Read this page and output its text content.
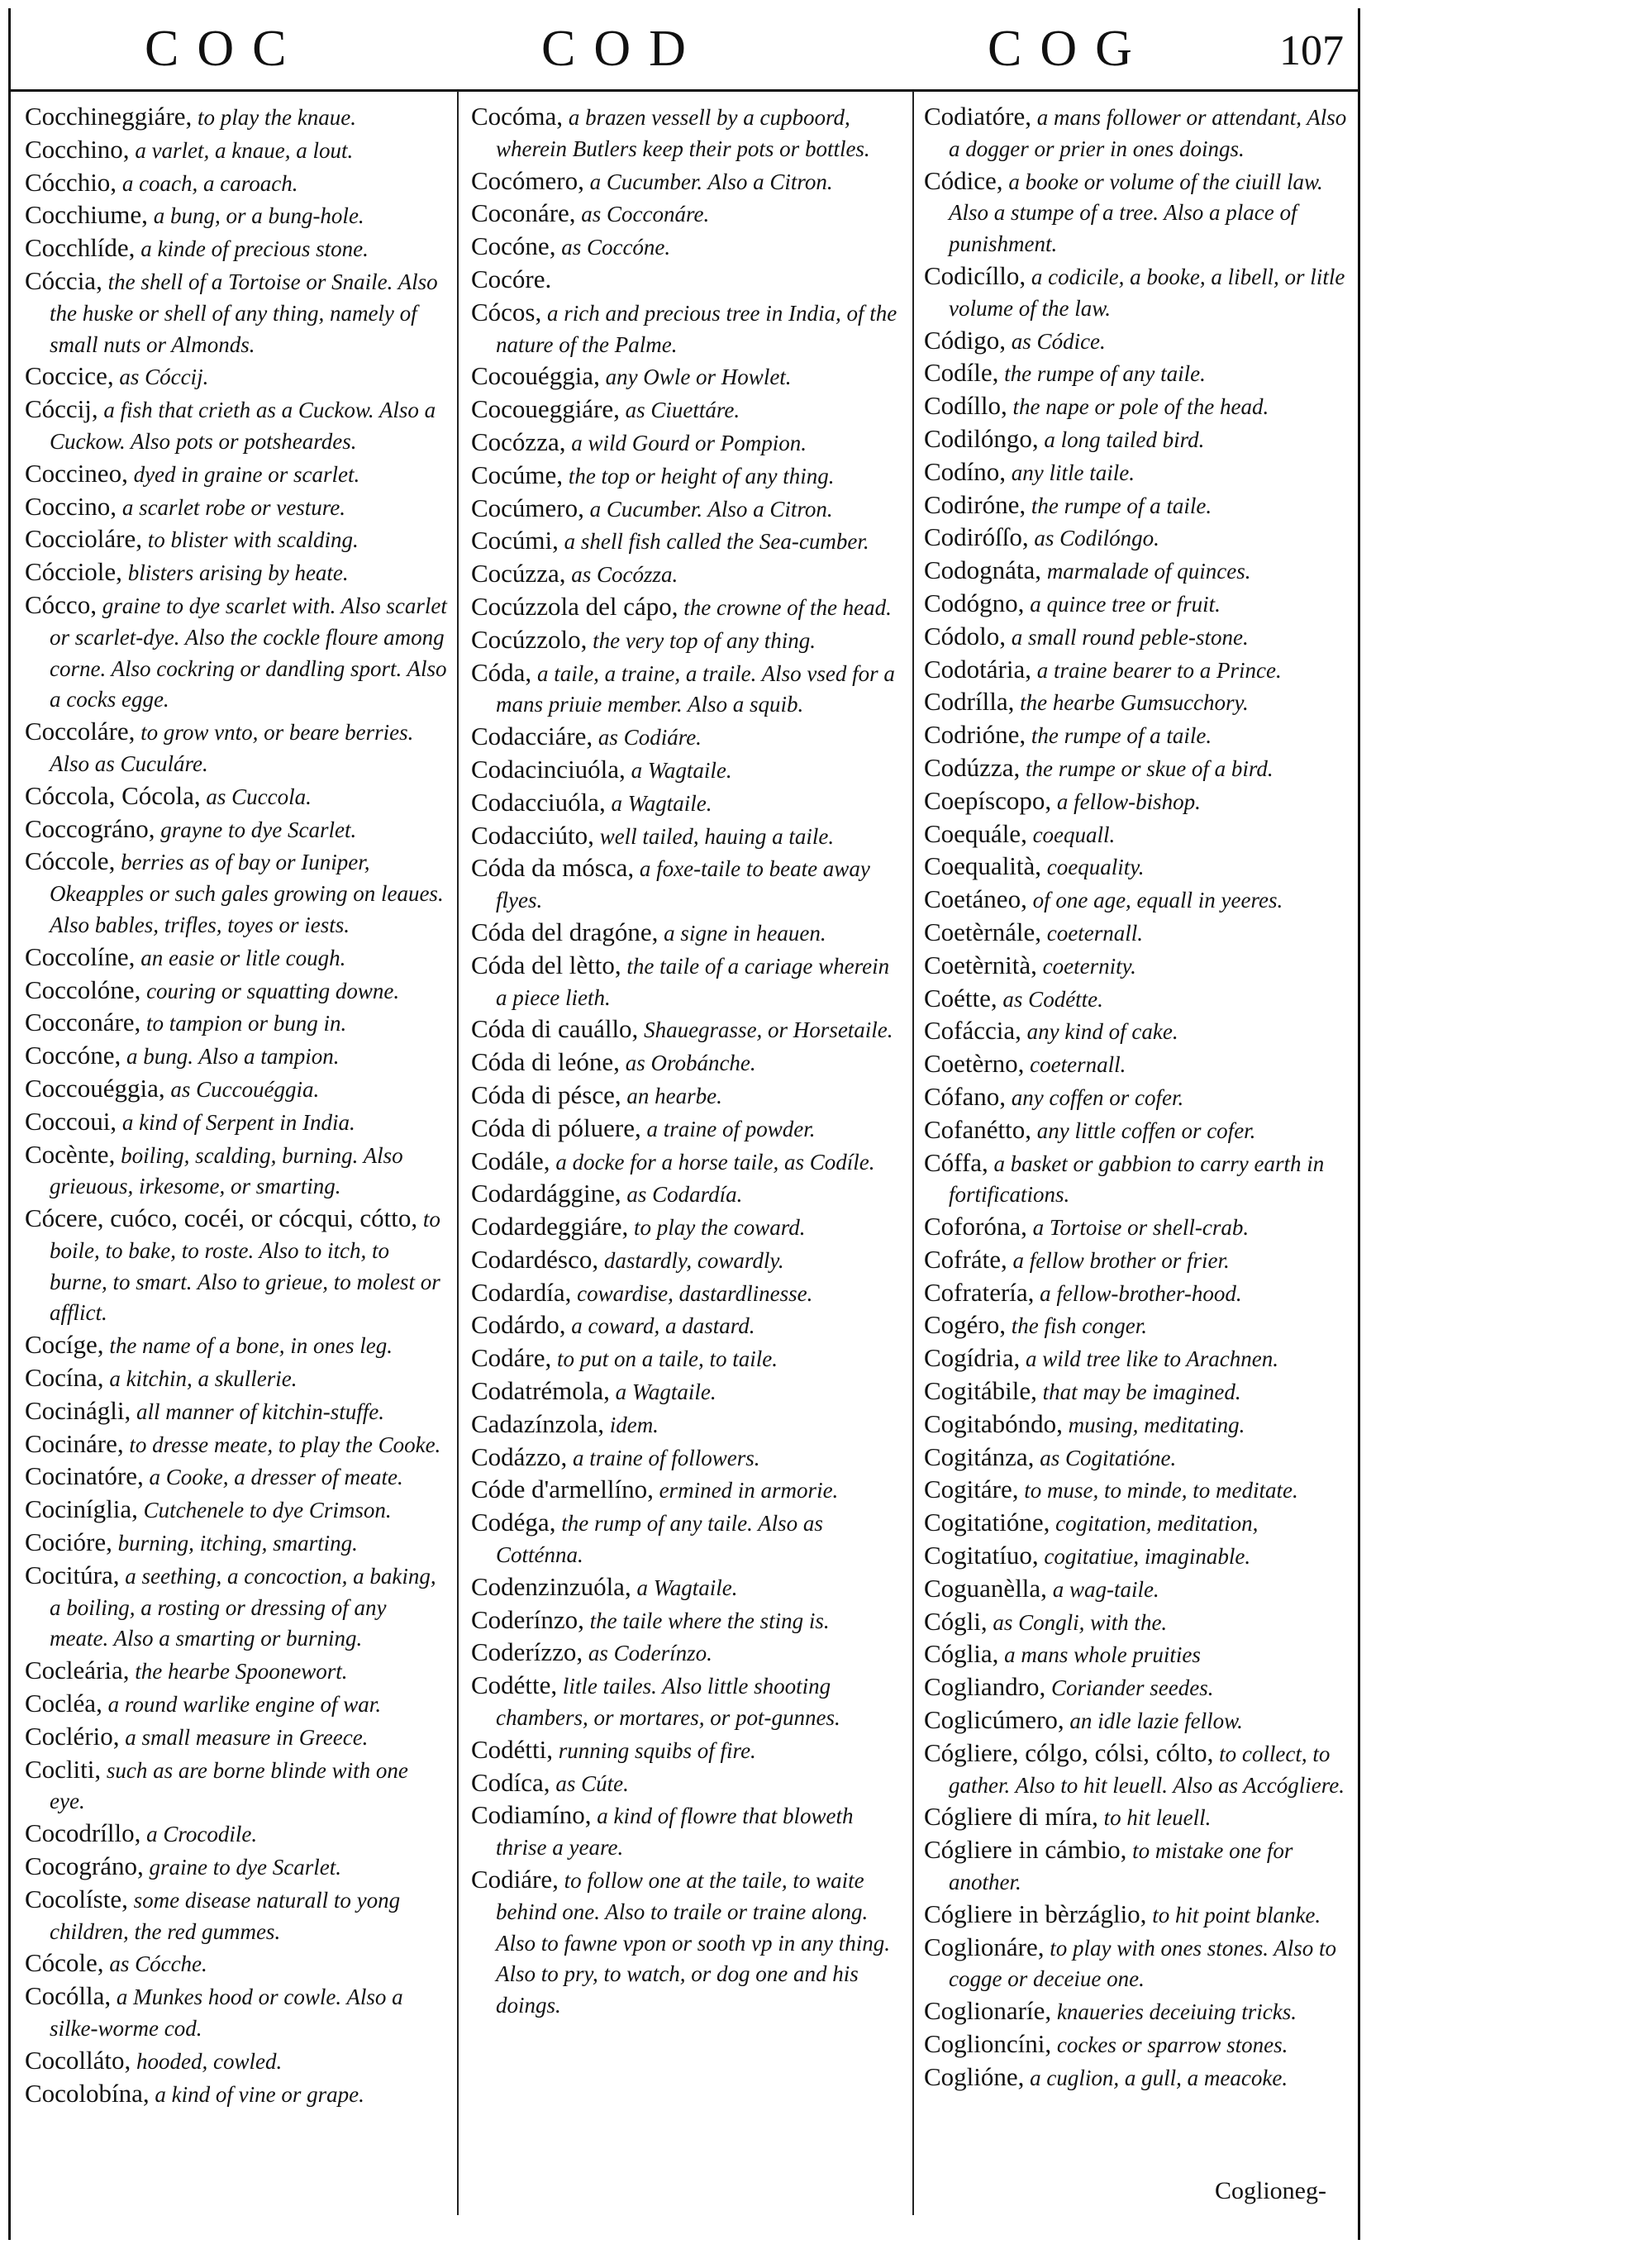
COC	COD	COG	107

Cocchineggiáre, to play the knaue.

Cocchino, a varlet, a knaue, a lout.

Cócchio, a coach, a caroach.

Cocchiume, a bung, or a bung-hole.

Cocchlíde, a kinde of precious stone.

Cóccia, the shell of a Tortoise or Snaile. Also the huske or shell of any thing, namely of small nuts or Almonds.

Coccice, as Cóccij.

Cóccij, a fish that crieth as a Cuckow. Also a Cuckow. Also pots or potsheardes.

Coccineo, dyed in graine or scarlet.

Coccino, a scarlet robe or vesture.

Coccioláre, to blister with scalding.

Cócciole, blisters arising by heate.

Cócco, graine to dye scarlet with. Also scarlet or scarlet-dye. Also the cockle floure among corne. Also cockring or dandling sport. Also a cocks egge.

Coccoláre, to grow vnto, or beare berries. Also as Cuculáre.

Cóccola, Cócola, as Cuccola.

Coccográno, grayne to dye Scarlet.

Cóccole, berries as of bay or Iuniper, Okeapples or such gales growing on leaues. Also bables, trifles, toyes or iests.

Coccolíne, an easie or litle cough.

Coccolóne, couring or squatting downe.

Cocconáre, to tampion or bung in.

Coccóne, a bung. Also a tampion.

Coccouéggia, as Cuccouéggia.

Coccoui, a kind of Serpent in India.

Cocènte, boiling, scalding, burning. Also grieuous, irkesome, or smarting.

Cócere, cuóco, cocéi, or cócqui, cótto, to boile, to bake, to roste. Also to itch, to burne, to smart. Also to grieue, to molest or afflict.

Cocíge, the name of a bone, in ones leg.

Cocína, a kitchin, a skullerie.

Cocinágli, all manner of kitchin-stuffe.

Cocináre, to dresse meate, to play the Cooke.

Cocinatóre, a Cooke, a dresser of meate.

Cociníglia, Cutchenele to dye Crimson.

Cocióre, burning, itching, smarting.

Cocitúra, a seething, a concoction, a baking, a boiling, a rosting or dressing of any meate. Also a smarting or burning.

Cocleária, the hearbe Spoonewort.

Cocléa, a round warlike engine of war.

Coclério, a small measure in Greece.

Cocliti, such as are borne blinde with one eye.

Cocodríllo, a Crocodile.

Cocográno, graine to dye Scarlet.

Cocolíste, some disease naturall to yong children, the red gummes.

Cócole, as Cócche.

Cocólla, a Munkes hood or cowle. Also a silke-worme cod.

Cocolláto, hooded, cowled.

Cocolobína, a kind of vine or grape.

Cocóma, a brazen vessell by a cupboord, wherein Butlers keep their pots or bottles.

Cocómero, a Cucumber. Also a Citron.

Coconáre, as Cocconáre.

Cocóne, as Coccóne.

Cocóre.

Cócos, a rich and precious tree in India, of the nature of the Palme.

Cocouéggia, any Owle or Howlet.

Cocoueggiáre, as Ciuettáre.

Cocózza, a wild Gourd or Pompion.

Cocúme, the top or height of any thing.

Cocúmero, a Cucumber. Also a Citron.

Cocúmi, a shell fish called the Sea-cumber.

Cocúzza, as Cocózza.

Cocúzzola del cápo, the crowne of the head.

Cocúzzolo, the very top of any thing.

Códa, a taile, a traine, a traile. Also vsed for a mans priuie member. Also a squib.

Codacciáre, as Codiáre.

Codacinciuóla, a Wagtaile.

Codacciuóla, a Wagtaile.

Codacciúto, well tailed, hauing a taile.

Códa da mósca, a foxe-taile to beate away flyes.

Códa del dragóne, a signe in heauen.

Códa del lètto, the taile of a cariage wherein a piece lieth.

Códa di cauállo, Shauegrasse, or Horsetaile.

Códa di leóne, as Orobánche.

Códa di pésce, an hearbe.

Códa di póluere, a traine of powder.

Codále, a docke for a horse taile, as Codíle.

Codardággine, as Codardía.

Codardeggiáre, to play the coward.

Codardésco, dastardly, cowardly.

Codardía, cowardise, dastardlinesse.

Codárdo, a coward, a dastard.

Codáre, to put on a taile, to taile.

Codatrémola, a Wagtaile.

Cadazínzola, idem.

Codázzo, a traine of followers.

Códe d'armellíno, ermined in armorie.

Codéga, the rump of any taile. Also as Cotténna.

Codenzinzuóla, a Wagtaile.

Coderínzo, the taile where the sting is.

Coderízzo, as Coderínzo.

Codétte, litle tailes. Also little shooting chambers, or mortares, or pot-gunnes.

Codétti, running squibs of fire.

Codíca, as Cúte.

Codiamíno, a kind of flowre that bloweth thrise a yeare.

Codiáre, to follow one at the taile, to waite behind one. Also to traile or traine along. Also to fawne vpon or sooth vp in any thing. Also to pry, to watch, or dog one and his doings.

Codiatóre, a mans follower or attendant, Also a dogger or prier in ones doings.

Códice, a booke or volume of the ciuill law. Also a stumpe of a tree. Also a place of punishment.

Codicíllo, a codicile, a booke, a libell, or litle volume of the law.

Código, as Códice.

Codíle, the rumpe of any taile.

Codíllo, the nape or pole of the head.

Codilóngo, a long tailed bird.

Codíno, any litle taile.

Codiróne, the rumpe of a taile.

Codiróſſo, as Codilóngo.

Codognáta, marmalade of quinces.

Codógno, a quince tree or fruit.

Códolo, a small round peble-stone.

Codotária, a traine bearer to a Prince.

Codrílla, the hearbe Gumsucchory.

Codrióne, the rumpe of a taile.

Codúzza, the rumpe or skue of a bird.

Coepíscopo, a fellow-bishop.

Coequále, coequall.

Coequalità, coequality.

Coetáneo, of one age, equall in yeeres.

Coetèrnále, coeternall.

Coetèrnità, coeternity.

Coétte, as Codétte.

Cofáccia, any kind of cake.

Coetèrno, coeternall.

Cófano, any coffen or cofer.

Cofanétto, any little coffen or cofer.

Cóffa, a basket or gabbion to carry earth in fortifications.

Coforóna, a Tortoise or shell-crab.

Cofráte, a fellow brother or frier.

Cofratería, a fellow-brother-hood.

Cogéro, the fish conger.

Cogídria, a wild tree like to Arachnen.

Cogitábile, that may be imagined.

Cogitabóndo, musing, meditating.

Cogitánza, as Cogitatióne.

Cogitáre, to muse, to minde, to meditate.

Cogitatióne, cogitation, meditation,

Cogitatíuo, cogitatiue, imaginable.

Coguanèlla, a wag-taile.

Cógli, as Congli, with the.

Cóglia, a mans whole pruities

Cogliandro, Coriander seedes.

Coglicúmero, an idle lazie fellow.

Cógliere, cólgo, cólsi, cólto, to collect, to gather. Also to hit leuell. Also as Accógliere.

Cógliere di míra, to hit leuell.

Cógliere in cámbio, to mistake one for another.

Cógliere in bèrzáglio, to hit point blanke.

Coglionáre, to play with ones stones. Also to cogge or deceiue one.

Coglionaríe, knaueries deceiuing tricks.

Coglioncíni, cockes or sparrow stones.

Coglióne, a cuglion, a gull, a meacoke.

Coglioneg-
